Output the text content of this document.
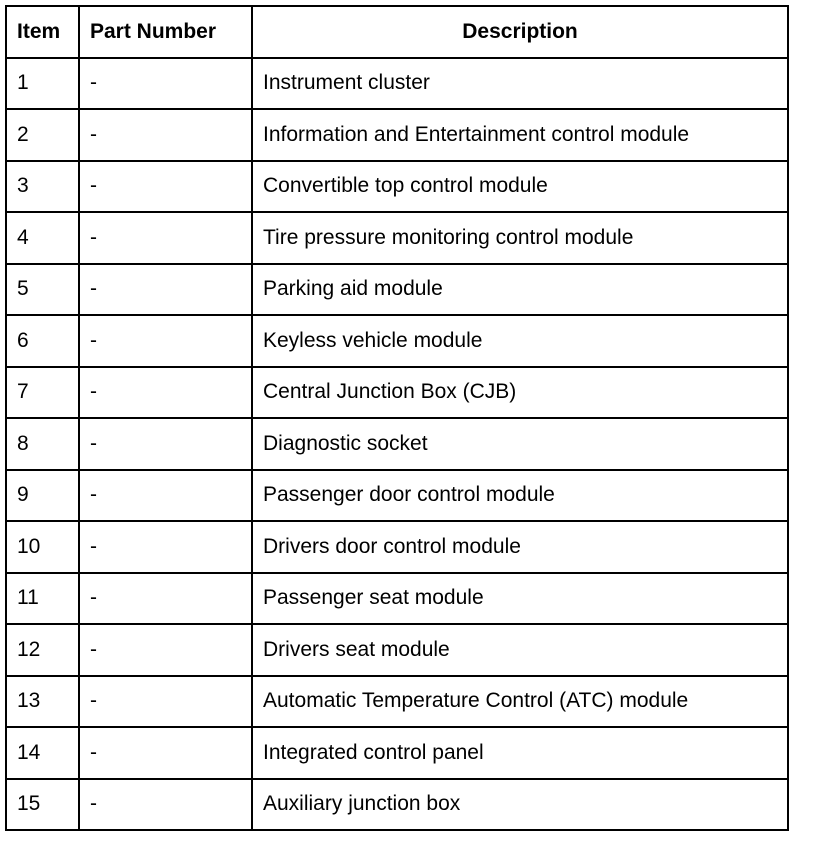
Item	Part Number	Description
1	-	Instrument cluster
2	-	Information and Entertainment control module
3	-	Convertible top control module
4	-	Tire pressure monitoring control module
5	-	Parking aid module
6	-	Keyless vehicle module
7	-	Central Junction Box (CJB)
8	-	Diagnostic socket
9	-	Passenger door control module
10	-	Drivers door control module
11	-	Passenger seat module
12	-	Drivers seat module
13	-	Automatic Temperature Control (ATC) module
14	-	Integrated control panel
15	-	Auxiliary junction box
